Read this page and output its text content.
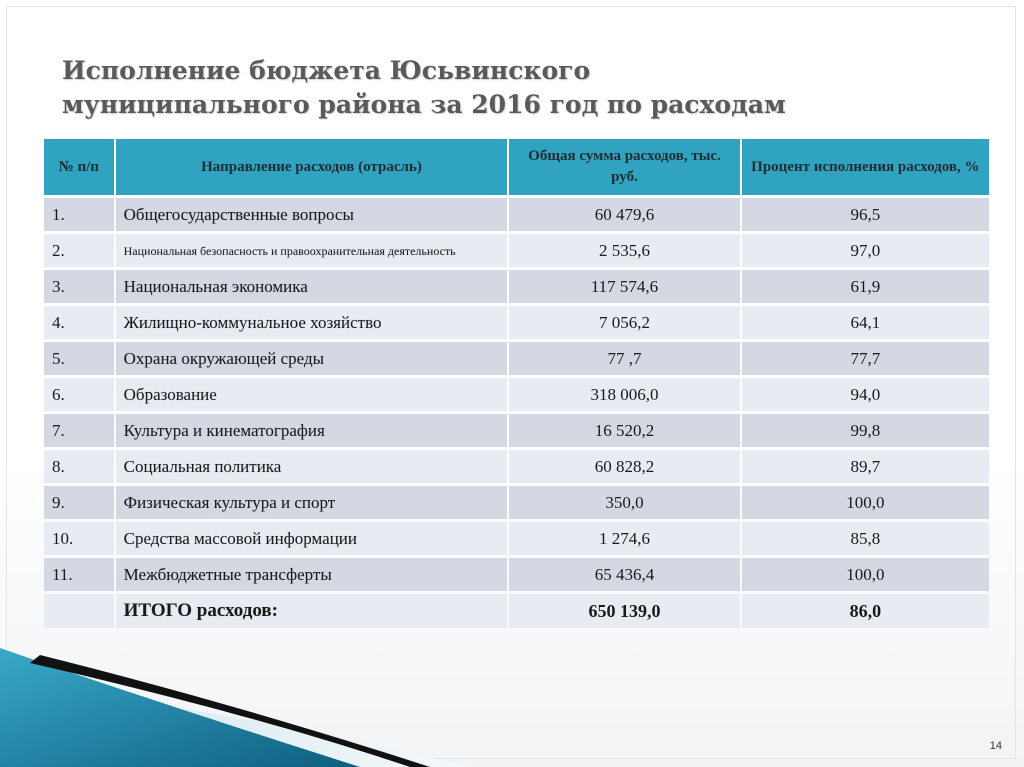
Исполнение бюджета Юсьвинского
муниципального района за 2016 год по расходам
№ п/п	Направление расходов (отрасль)	Общая сумма расходов, тыс. руб.	Процент исполнения расходов, %
1.	Общегосударственные вопросы	60 479,6	96,5
2.	Национальная безопасность и правоохранительная деятельность	2 535,6	97,0
3.	Национальная экономика	117 574,6	61,9
4.	Жилищно-коммунальное хозяйство	7 056,2	64,1
5.	Охрана окружающей среды	77 ,7	77,7
6.	Образование	318 006,0	94,0
7.	Культура и кинематография	16 520,2	99,8
8.	Социальная политика	60 828,2	89,7
9.	Физическая культура и спорт	350,0	100,0
10.	Средства массовой информации	1 274,6	85,8
11.	Межбюджетные трансферты	65 436,4	100,0
	ИТОГО расходов:	650 139,0	86,0
14
